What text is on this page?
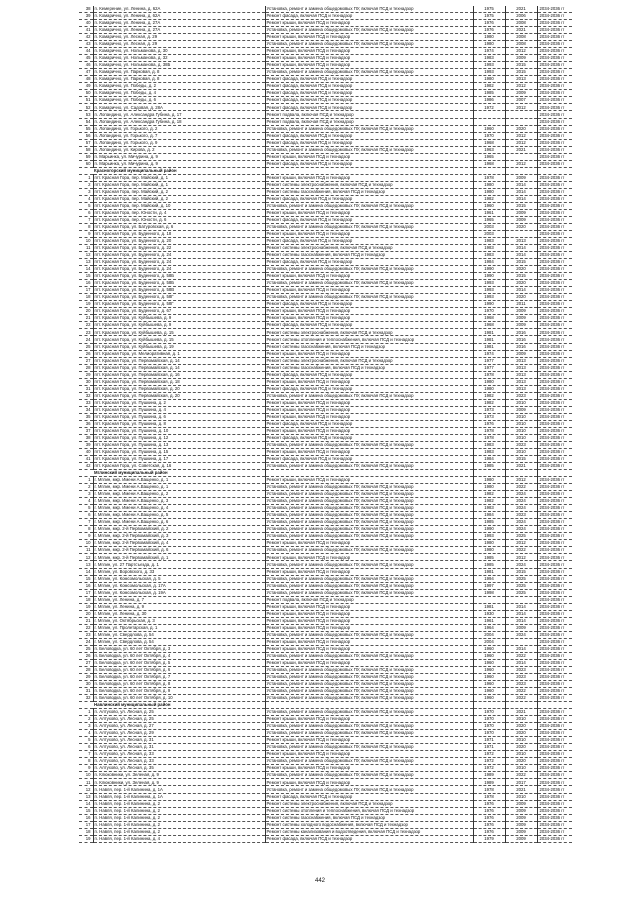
38	п. Кемерение, ул. Ленина, д. 62А	Установка, ремонт и замена общедомовых ПУ, включая ПСД и технадзор	1975	2021	2034-2036 гг
39	п. Комарично, ул. Ленина, д. 62А	Ремонт фасада, включая ПСД и технадзор	1975	2006	2034-2036 гг
40	п. Комарично, ул. Ленина, д. 27А	Ремонт крыши, включая ПСД и технадзор	1976	2008	2034-2036 гг
41	п. Комарично, ул. Ленина, д. 27А	Установка, ремонт и замена общедомовых ПУ, включая ПСД и технадзор	1976	2021	2034-2036 гг
42	п. Комарично, ул. Лесная, д. 29	Ремонт крыши, включая ПСД и технадзор	1980	2008	2034-2036 гг
43	п. Комарично, ул. Лесная, д. 29	Установка, ремонт и замена общедомовых ПУ, включая ПСД и технадзор	1980	2008	2034-2036 гг
44	п. Комарично, ул. Нольманова, д. 30	Ремонт крыши, включая ПСД и технадзор	1974	2012	2034-2036 гг
45	п. Комарично, ул. Нольманова, д. 32	Ремонт крыши, включая ПСД и технадзор	1983	2009	2034-2036 гг
46	п. Комарично, ул. Нольманова, д. 38Б	Ремонт крыши, включая ПСД и технадзор	1993	2015	2034-2036 гг
47	п. Комарично, ул. Парковая, д. 8	Установка, ремонт и замена общедомовых ПУ, включая ПСД и технадзор	1993	2015	2034-2036 гг
48	п. Комарично, ул. Парковая, д. 8	Ремонт фасада, включая ПСД и технадзор	1980	2013	2034-2036 гг
49	п. Комарично, ул. Победы, д. 2	Ремонт фасада, включая ПСД и технадзор	1982	2012	2034-2036 гг
50	п. Комарично, ул. Победы, д. 4	Ремонт фасада, включая ПСД и технадзор	1985	2009	2034-2036 гг
51	п. Комарично, ул. Победы, д. 6	Ремонт фасада, включая ПСД и технадзор	1986	2007	2034-2036 гг
52	п. Комарично, ул. Садовая, д. 28А	Ремонт фасада, включая ПСД и технадзор	1972	2012	2034-2036 гг
53	п. Лопандино, ул. Александра Губина, д. 17	Ремонт подвала, включая ПСД и технадзор			2034-2036 гг
54	п. Лопандино, ул. Александра Губина, д. 18	Ремонт подвала, включая ПСД и технадзор			2034-2036 гг
55	п. Лопандино, ул. Горького, д. 2	Установка, ремонт и замена общедомовых ПУ, включая ПСД и технадзор	1960	2020	2034-2036 гг
56	п. Лопандино, ул. Горького, д. 7	Ремонт фасада, включая ПСД и технадзор	1970	2012	2034-2036 гг
57	п. Лопандино, ул. Горького, д. 9	Ремонт фасада, включая ПСД и технадзор	1968	2012	2034-2036 гг
58	п. Лопандино, ул. Кирова, д. 2	Установка, ремонт и замена общедомовых ПУ, включая ПСД и технадзор	1963	2021	2034-2036 гг
59	п. Марьинка, ул. Мичурина, д. 9	Ремонт крыши, включая ПСД и технадзор	1965		2034-2036 гг
60	п. Марьинка, ул. Мичурина, д. 9	Ремонт фасада, включая ПСД и технадзор	1968	2012	2034-2036 гг
	Красногорский муниципальный район				
1	пгт. Красная Гора, пер. Майский, д. 1	Ремонт крыши, включая ПСД и технадзор	1978	2009	2034-2036 гг
2	пгт. Красная Гора, пер. Майский, д. 1	Ремонт системы электроснабжения, включая ПСД и технадзор	1980	2014	2034-2036 гг
3	пгт. Красная Гора, пер. Майский, д. 2	Ремонт системы газоснабжения, включая ПСД и технадзор	1980	2014	2034-2036 гг
4	пгт. Красная Гора, пер. Майский, д. 2	Ремонт фасада, включая ПСД и технадзор	1982	2014	2034-2036 гг
5	пгт. Красная Гора, пер. Майский, д. 10	Установка, ремонт и замена общедомовых ПУ, включая ПСД и технадзор	1960	2015	2034-2036 гг
6	пгт. Красная Гора, пер. Юности, д. 4	Ремонт крыши, включая ПСД и технадзор	1961	2009	2034-2036 гг
7	пгт. Красная Гора, пер. Юности, д. 6	Ремонт фасада, включая ПСД и технадзор	1965	2009	2034-2036 гг
8	пгт. Красная Гора, ул. Батуровская, д. 6	Установка, ремонт и замена общедомовых ПУ, включая ПСД и технадзор	2003	2020	2034-2036 гг
9	пгт. Красная Гора, ул. Буденного, д. 18	Ремонт крыши, включая ПСД и технадзор	2003		2034-2036 гг
10	пгт. Красная Гора, ул. Буденного, д. 20	Ремонт фасада, включая ПСД и технадзор	1983	2013	2034-2036 гг
11	пгт. Красная Гора, ул. Буденного, д. 22	Ремонт системы электроснабжения, включая ПСД и технадзор	1983	2014	2034-2036 гг
12	пгт. Красная Гора, ул. Буденного, д. 24	Ремонт системы газоснабжения, включая ПСД и технадзор	1983	2014	2034-2036 гг
13	пгт. Красная Гора, ул. Буденного, д. 24	Ремонт фасада, включая ПСД и технадзор	1984	2015	2034-2036 гг
14	пгт. Красная Гора, ул. Буденного, д. 24	Установка, ремонт и замена общедомовых ПУ, включая ПСД и технадзор	1990	2020	2034-2036 гг
15	пгт. Красная Гора, ул. Буденного, д. 58Б	Ремонт крыши, включая ПСД и технадзор	1990	2015	2034-2036 гг
16	пгт. Красная Гора, ул. Буденного, д. 58Б	Установка, ремонт и замена общедомовых ПУ, включая ПСД и технадзор	1993	2020	2034-2036 гг
17	пгт. Красная Гора, ул. Буденного, д. 58В	Ремонт крыши, включая ПСД и технадзор	1993	2014	2034-2036 гг
18	пгт. Красная Гора, ул. Буденного, д. 58Г	Установка, ремонт и замена общедомовых ПУ, включая ПСД и технадзор	1993	2020	2034-2036 гг
19	пгт. Красная Гора, ул. Буденного, д. 58Г	Ремонт фасада, включая ПСД и технадзор	1990	2011	2034-2036 гг
20	пгт. Красная Гора, ул. Буденного, д. 67	Ремонт крыши, включая ПСД и технадзор	1970	2009	2034-2036 гг
21	пгт. Красная Гора, ул. Куйбышева, д. 9	Ремонт крыши, включая ПСД и технадзор	1968	2009	2034-2036 гг
22	пгт. Красная Гора, ул. Куйбышева, д. 9	Ремонт фасада, включая ПСД и технадзор	1968	2009	2034-2036 гг
23	пгт. Красная Гора, ул. Куйбышева, д. 15	Ремонт системы электроснабжения, включая ПСД и технадзор	1981	2016	2034-2036 гг
24	пгт. Красная Гора, ул. Куйбышева, д. 15	Ремонт системы отопления и теплоснабжения, включая ПСД и технадзор	1981	2016	2034-2036 гг
25	пгт. Красная Гора, ул. Куйбышева, д. 19	Ремонт системы газоснабжения, включая ПСД и технадзор	1981	2016	2034-2036 гг
26	пгт. Красная Гора, ул. Мелиоративная, д. 1	Ремонт крыши, включая ПСД и технадзор	1974	2009	2034-2036 гг
27	пгт. Красная Гора, ул. Первомайская, д. 14	Ремонт системы электроснабжения, включая ПСД и технадзор	1977	2013	2034-2036 гг
28	пгт. Красная Гора, ул. Первомайская, д. 14	Ремонт системы газоснабжения, включая ПСД и технадзор	1977	2013	2034-2036 гг
29	пгт. Красная Гора, ул. Первомайская, д. 16	Ремонт фасада, включая ПСД и технадзор	1978	2013	2034-2036 гг
30	пгт. Красная Гора, ул. Первомайская, д. 18	Ремонт крыши, включая ПСД и технадзор	1980	2013	2034-2036 гг
31	пгт. Красная Гора, ул. Первомайская, д. 20	Ремонт фасада, включая ПСД и технадзор	1980	2013	2034-2036 гг
32	пгт. Красная Гора, ул. Первомайская, д. 20	Установка, ремонт и замена общедомовых ПУ, включая ПСД и технадзор	1982	2023	2034-2036 гг
33	пгт. Красная Гора, ул. Пушкина, д. 2	Ремонт крыши, включая ПСД и технадзор	1982	2010	2034-2036 гг
34	пгт. Красная Гора, ул. Пушкина, д. 4	Ремонт крыши, включая ПСД и технадзор	1973	2009	2034-2036 гг
35	пгт. Красная Гора, ул. Пушкина, д. 6	Ремонт крыши, включая ПСД и технадзор	1973	2010	2034-2036 гг
36	пгт. Красная Гора, ул. Пушкина, д. 8	Ремонт фасада, включая ПСД и технадзор	1976	2010	2034-2036 гг
37	пгт. Красная Гора, ул. Пушкина, д. 10	Ремонт крыши, включая ПСД и технадзор	1978	2010	2034-2036 гг
38	пгт. Красная Гора, ул. Пушкина, д. 12	Ремонт фасада, включая ПСД и технадзор	1978	2010	2034-2036 гг
39	пгт. Красная Гора, ул. Пушкина, д. 13	Установка, ремонт и замена общедомовых ПУ, включая ПСД и технадзор	1983	2023	2034-2036 гг
40	пгт. Красная Гора, ул. Пушкина, д. 15	Ремонт крыши, включая ПСД и технадзор	1983	2010	2034-2036 гг
41	пгт. Красная Гора, ул. Пушкина, д. 17	Ремонт фасада, включая ПСД и технадзор	1984	2015	2034-2036 гг
42	пгт. Красная Гора, ул. Советская, д. 16	Установка, ремонт и замена общедомовых ПУ, включая ПСД и технадзор	1985	2021	2034-2036 гг
	Мглинский муниципальный район				
1	г. Мглин, мкр. Имени А.Ващенко, д. 1	Ремонт крыши, включая ПСД и технадзор	1980	2012	2034-2036 гг
2	г. Мглин, мкр. Имени А.Ващенко, д. 1	Установка, ремонт и замена общедомовых ПУ, включая ПСД и технадзор	1980	2022	2034-2036 гг
3	г. Мглин, мкр. Имени А.Ващенко, д. 2	Установка, ремонт и замена общедомовых ПУ, включая ПСД и технадзор	1982	2024	2034-2036 гг
4	г. Мглин, мкр. Имени А.Ващенко, д. 3	Установка, ремонт и замена общедомовых ПУ, включая ПСД и технадзор	1982	2024	2034-2036 гг
5	г. Мглин, мкр. Имени А.Ващенко, д. 4	Установка, ремонт и замена общедомовых ПУ, включая ПСД и технадзор	1983	2024	2034-2036 гг
6	г. Мглин, мкр. Имени А.Ващенко, д. 5	Установка, ремонт и замена общедомовых ПУ, включая ПСД и технадзор	1984	2023	2034-2036 гг
7	г. Мглин, мкр. Имени А.Ващенко, д. 6	Установка, ремонт и замена общедомовых ПУ, включая ПСД и технадзор	1985	2024	2034-2036 гг
8	г. Мглин, мкр. 2-й Первомайский, д. 2	Установка, ремонт и замена общедомовых ПУ, включая ПСД и технадзор	1990	2024	2034-2036 гг
9	г. Мглин, мкр. 2-й Первомайский, д. 3	Установка, ремонт и замена общедомовых ПУ, включая ПСД и технадзор	1993	2025	2034-2036 гг
10	г. Мглин, мкр. 2-й Первомайский, д. 4	Ремонт крыши, включая ПСД и технадзор	1980	2012	2034-2036 гг
11	г. Мглин, мкр. 2-й Первомайский, д. 6	Установка, ремонт и замена общедомовых ПУ, включая ПСД и технадзор	1980	2022	2034-2036 гг
12	г. Мглин, мкр. 3-й Первомайский, д. 1	Ремонт крыши, включая ПСД и технадзор	1985	2012	2034-2036 гг
13	г. Мглин, ул. 27 Партсъезда, д. 1	Установка, ремонт и замена общедомовых ПУ, включая ПСД и технадзор	1985	2024	2034-2036 гг
14	г. Мглин, ул. Воровского, д. 33	Ремонт крыши, включая ПСД и технадзор	1981	2015	2034-2036 гг
15	г. Мглин, ул. Комсомольская, д. 5	Установка, ремонт и замена общедомовых ПУ, включая ПСД и технадзор	1994	2025	2034-2036 гг
16	г. Мглин, ул. Комсомольская, д. 17А	Установка, ремонт и замена общедомовых ПУ, включая ПСД и технадзор	1997	2025	2034-2036 гг
17	г. Мглин, ул. Комсомольская, д. 19А	Установка, ремонт и замена общедомовых ПУ, включая ПСД и технадзор	1998	2025	2034-2036 гг
18	г. Мглин, ул. Ленина, д. 7	Ремонт подвала, включая ПСД и технадзор			2034-2036 гг
19	г. Мглин, ул. Ленина, д. 9	Ремонт крыши, включая ПСД и технадзор	1981	2014	2034-2036 гг
20	г. Мглин, ул. Ленина, д. 30	Ремонт крыши, включая ПСД и технадзор	1930	2014	2034-2036 гг
21	г. Мглин, ул. Октябрьская, д. 3	Ремонт крыши, включая ПСД и технадзор	1961	2014	2034-2036 гг
22	г. Мглин, ул. Пролетарская, д. 1	Ремонт крыши, включая ПСД и технадзор	1964	2009	2034-2036 гг
23	г. Мглин, ул. Свердлова, д. 54	Установка, ремонт и замена общедомовых ПУ, включая ПСД и технадзор	2004	2024	2034-2036 гг
24	г. Мглин, ул. Свердлова, д. 54	Ремонт крыши, включая ПСД и технадзор	2004		2034-2036 гг
25	п. Беловодка, ул. 60 лет Октября, д. 3	Ремонт крыши, включая ПСД и технадзор	1960	2014	2034-2036 гг
26	п. Беловодка, ул. 60 лет Октября, д. 4	Установка, ремонт и замена общедомовых ПУ, включая ПСД и технадзор	1960	2022	2034-2036 гг
27	п. Беловодка, ул. 60 лет Октября, д. 5	Ремонт крыши, включая ПСД и технадзор	1960	2014	2034-2036 гг
28	п. Беловодка, ул. 60 лет Октября, д. 6	Установка, ремонт и замена общедомовых ПУ, включая ПСД и технадзор	1960	2023	2034-2036 гг
29	п. Беловодка, ул. 60 лет Октября, д. 7	Установка, ремонт и замена общедомовых ПУ, включая ПСД и технадзор	1960	2023	2034-2036 гг
30	п. Беловодка, ул. 60 лет Октября, д. 8	Установка, ремонт и замена общедомовых ПУ, включая ПСД и технадзор	1960	2023	2034-2036 гг
31	п. Беловодка, ул. 60 лет Октября, д. 9	Установка, ремонт и замена общедомовых ПУ, включая ПСД и технадзор	1960	2022	2034-2036 гг
32	п. Беловодка, ул. 60 лет Октября, д. 10	Установка, ремонт и замена общедомовых ПУ, включая ПСД и технадзор	1960	2022	2034-2036 гг
	Навлинский муниципальный район				
1	п. Алтухово, ул. Лесная, д. 25	Установка, ремонт и замена общедомовых ПУ, включая ПСД и технадзор	1970	2021	2034-2036 гг
2	п. Алтухово, ул. Лесная, д. 25	Ремонт крыши, включая ПСД и технадзор	1970	2010	2034-2036 гг
3	п. Алтухово, ул. Лесная, д. 27	Установка, ремонт и замена общедомовых ПУ, включая ПСД и технадзор	1970	2020	2034-2036 гг
4	п. Алтухово, ул. Лесная, д. 29	Установка, ремонт и замена общедомовых ПУ, включая ПСД и технадзор	1970	2020	2034-2036 гг
5	п. Алтухово, ул. Лесная, д. 31	Ремонт крыши, включая ПСД и технадзор	1971	2010	2034-2036 гг
6	п. Алтухово, ул. Лесная, д. 31	Установка, ремонт и замена общедомовых ПУ, включая ПСД и технадзор	1971	2020	2034-2036 гг
7	п. Алтухово, ул. Лесная, д. 33	Ремонт крыши, включая ПСД и технадзор	1972	2010	2034-2036 гг
8	п. Алтухово, ул. Лесная, д. 33	Установка, ремонт и замена общедомовых ПУ, включая ПСД и технадзор	1972	2020	2034-2036 гг
9	п. Алтухово, ул. Лесная, д. 35	Ремонт крыши, включая ПСД и технадзор	1972	2010	2034-2036 гг
10	п. Клюковники, ул. Зеленая, д. 9	Установка, ремонт и замена общедомовых ПУ, включая ПСД и технадзор	1989	2022	2034-2036 гг
11	п. Клюковники, ул. Зеленая, д. 9	Ремонт крыши, включая ПСД и технадзор	1989	2017	2034-2036 гг
12	п. Навля, пер. 1-й Калинина, д. 1А	Установка, ремонт и замена общедомовых ПУ, включая ПСД и технадзор	1978	2021	2034-2036 гг
13	п. Навля, пер. 1-й Калинина, д. 1А	Ремонт фасада, включая ПСД и технадзор	1978	2010	2034-2036 гг
14	п. Навля, пер. 1-й Калинина, д. 2	Ремонт системы электроснабжения, включая ПСД и технадзор	1976	2009	2034-2036 гг
15	п. Навля, пер. 1-й Калинина, д. 2	Ремонт системы отопления и теплоснабжения, включая ПСД и технадзор	1976	2009	2034-2036 гг
16	п. Навля, пер. 1-й Калинина, д. 2	Ремонт системы газоснабжения, включая ПСД и технадзор	1976	2009	2034-2036 гг
17	п. Навля, пер. 1-й Калинина, д. 2	Ремонт системы холодного водоснабжения, включая ПСД и технадзор	1976	2009	2034-2036 гг
18	п. Навля, пер. 1-й Калинина, д. 2	Ремонт системы канализования и водоотведения, включая ПСД и технадзор	1976	2009	2034-2036 гг
19	п. Навля, пер. 1-й Калинина, д. 4	Ремонт фасада, включая ПСД и технадзор	1979	2009	2034-2036 гг
442
